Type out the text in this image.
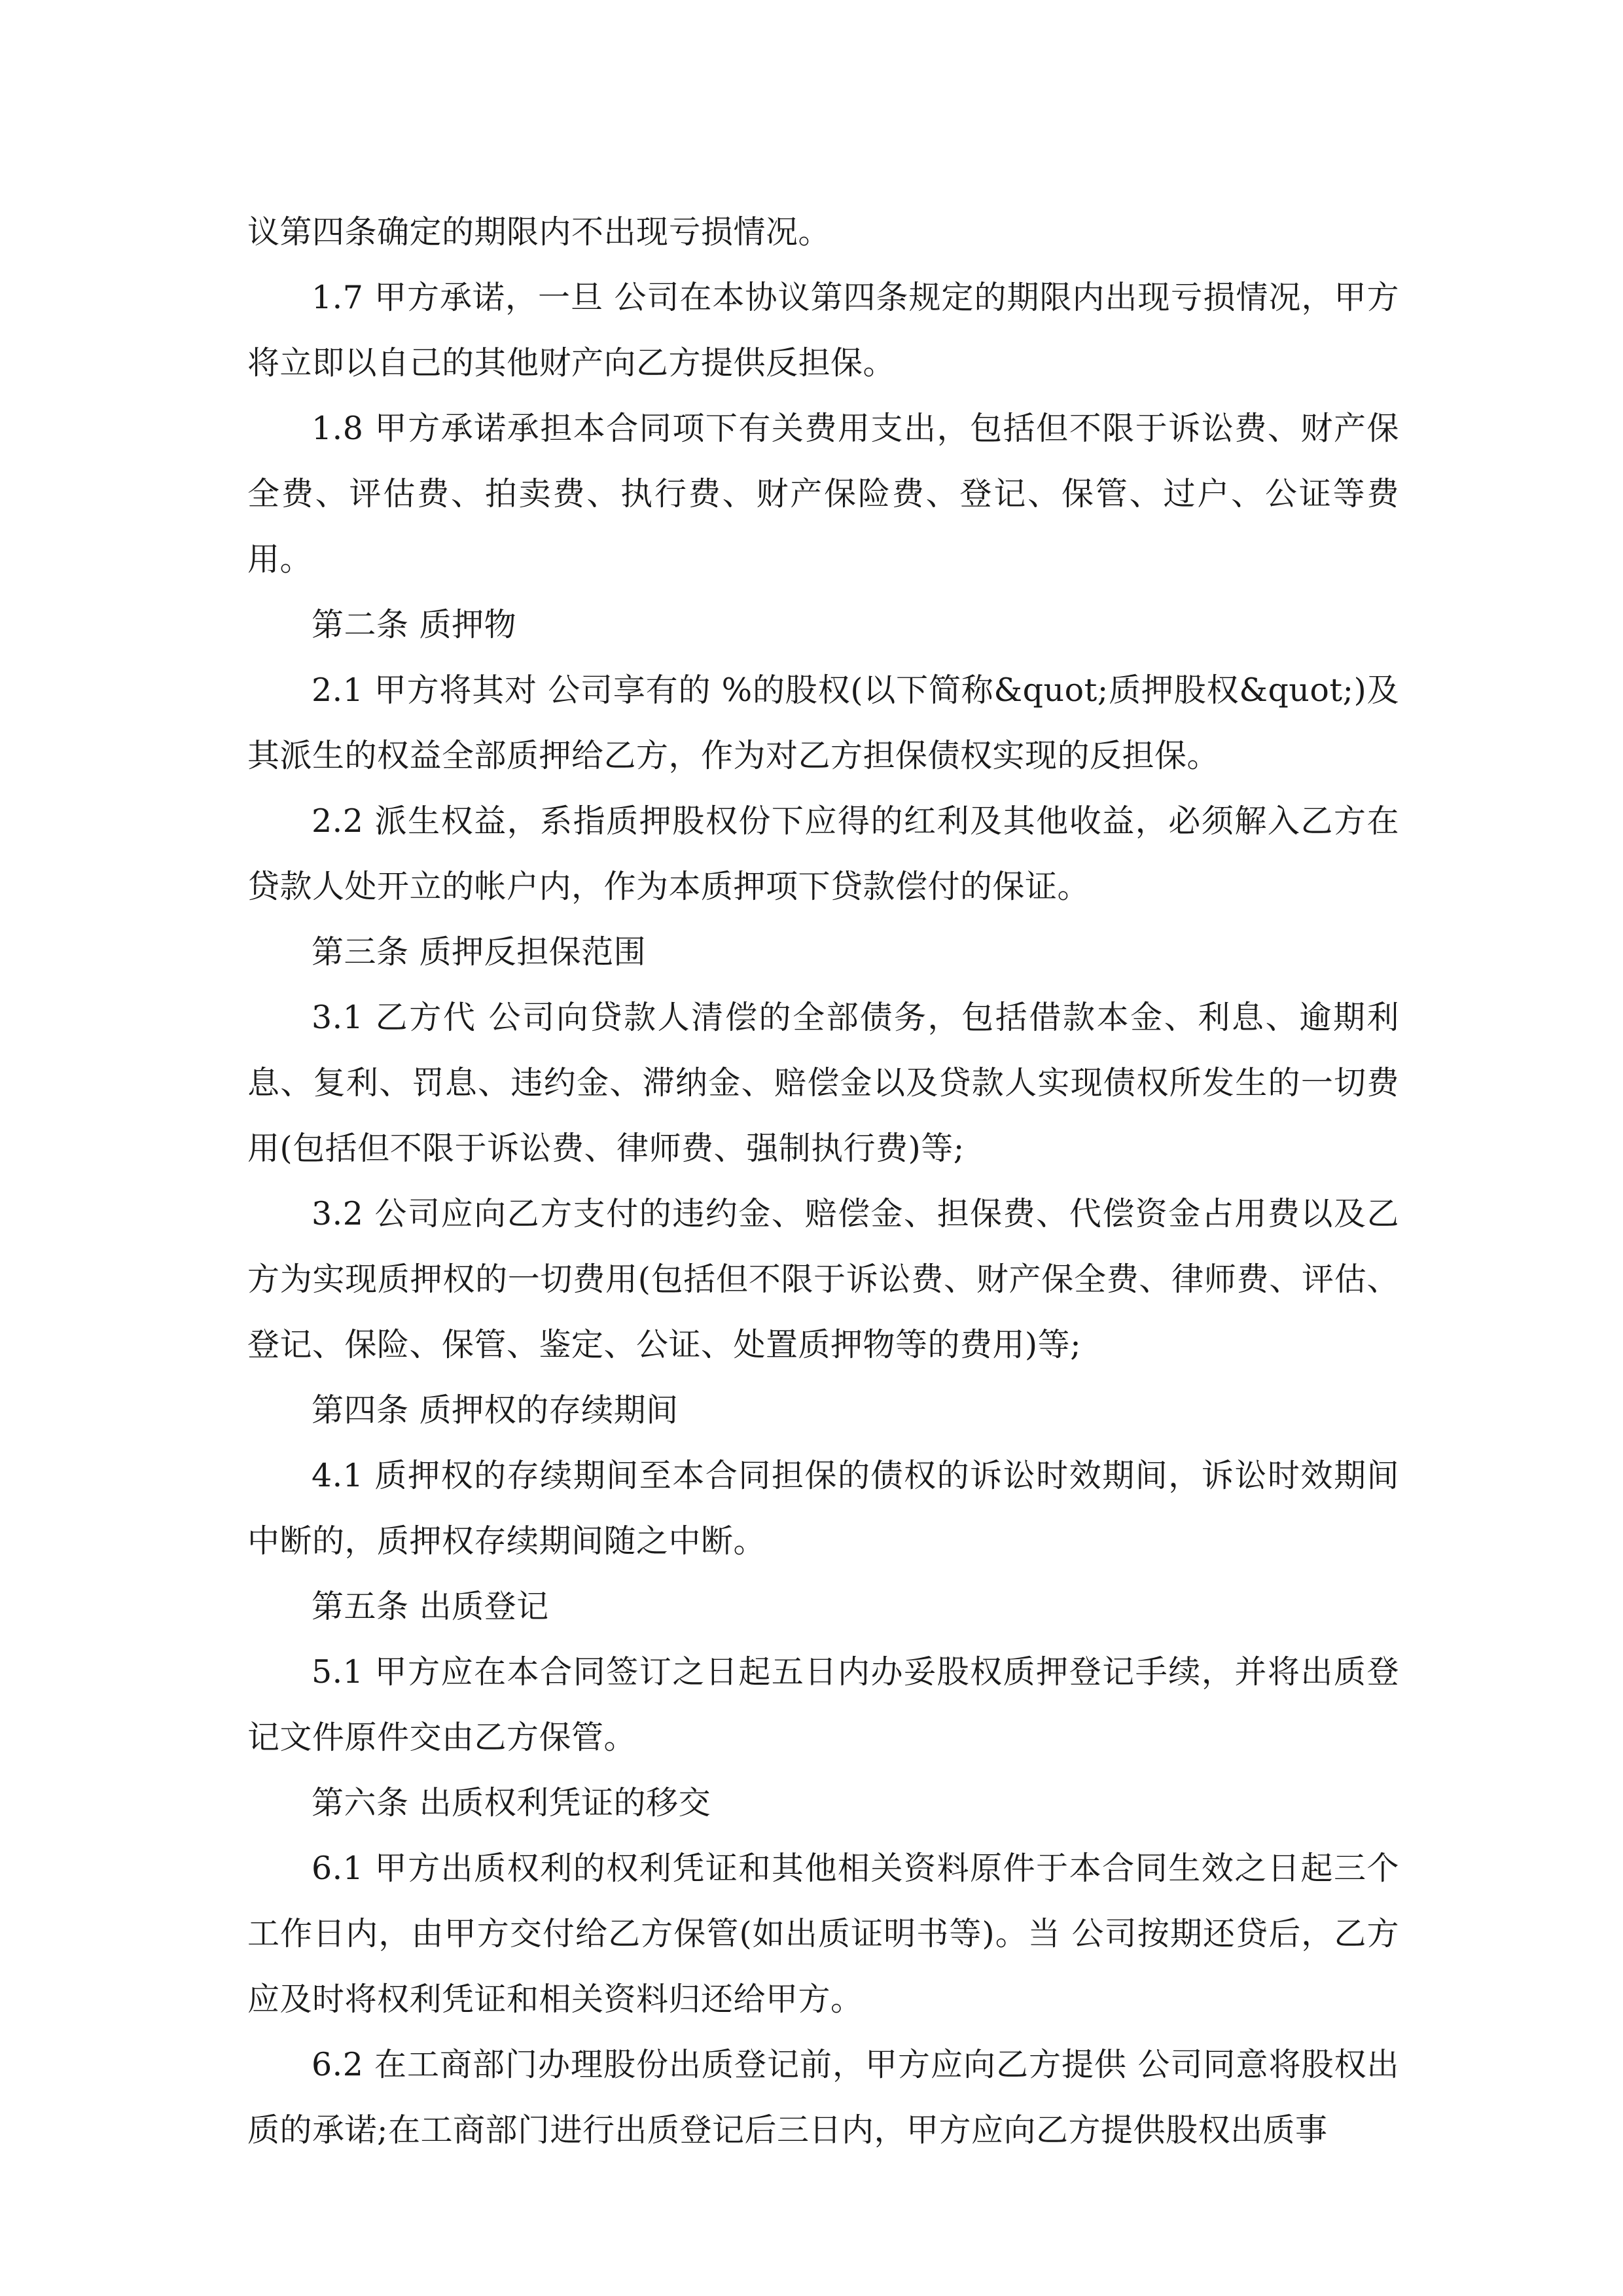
议第四条确定的期限内不出现亏损情况。

1.7 甲方承诺，一旦 公司在本协议第四条规定的期限内出现亏损情况，甲方将立即以自己的其他财产向乙方提供反担保。

1.8 甲方承诺承担本合同项下有关费用支出，包括但不限于诉讼费、财产保全费、评估费、拍卖费、执行费、财产保险费、登记、保管、过户、公证等费用。

第二条 质押物

2.1 甲方将其对 公司享有的 %的股权(以下简称&quot;质押股权&quot;)及其派生的权益全部质押给乙方，作为对乙方担保债权实现的反担保。

2.2 派生权益，系指质押股权份下应得的红利及其他收益，必须解入乙方在贷款人处开立的帐户内，作为本质押项下贷款偿付的保证。

第三条 质押反担保范围

3.1 乙方代 公司向贷款人清偿的全部债务，包括借款本金、利息、逾期利息、复利、罚息、违约金、滞纳金、赔偿金以及贷款人实现债权所发生的一切费用(包括但不限于诉讼费、律师费、强制执行费)等;

3.2 公司应向乙方支付的违约金、赔偿金、担保费、代偿资金占用费以及乙方为实现质押权的一切费用(包括但不限于诉讼费、财产保全费、律师费、评估、登记、保险、保管、鉴定、公证、处置质押物等的费用)等;

第四条 质押权的存续期间

4.1 质押权的存续期间至本合同担保的债权的诉讼时效期间，诉讼时效期间中断的，质押权存续期间随之中断。

第五条 出质登记

5.1 甲方应在本合同签订之日起五日内办妥股权质押登记手续，并将出质登记文件原件交由乙方保管。

第六条 出质权利凭证的移交

6.1 甲方出质权利的权利凭证和其他相关资料原件于本合同生效之日起三个工作日内，由甲方交付给乙方保管(如出质证明书等)。当 公司按期还贷后，乙方应及时将权利凭证和相关资料归还给甲方。

6.2 在工商部门办理股份出质登记前，甲方应向乙方提供 公司同意将股权出质的承诺;在工商部门进行出质登记后三日内，甲方应向乙方提供股权出质事
